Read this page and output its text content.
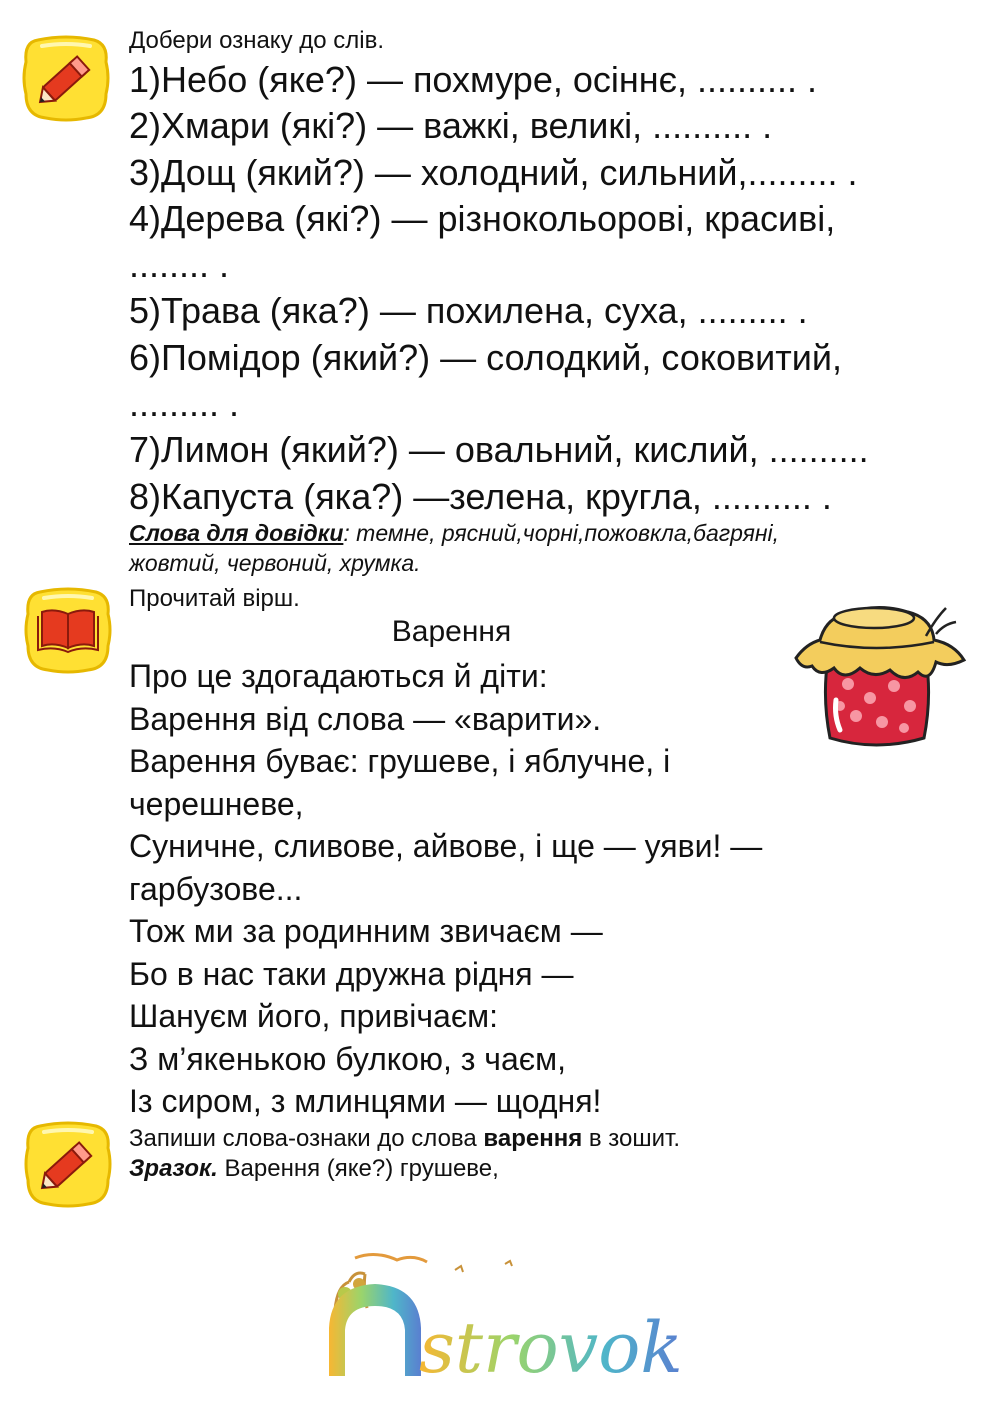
Добери ознаку до слів.
1)Небо (яке?) — похмуре, осіннє, .......... .
2)Хмари (які?) — важкі, великі, .......... .
3)Дощ (який?) — холодний, сильний,......... .
4)Дерева (які?) — різнокольорові, красиві,
........ .
5)Трава (яка?) — похилена, суха, ......... .
6)Помідор (який?) — солодкий, соковитий,
......... .
7)Лимон (який?) — овальний, кислий, ..........
8)Капуста (яка?) —зелена, кругла, .......... .
Слова для довідки: темне, рясний,чорні,пожовкла,багряні,
жовтий, червоний, хрумка.
Прочитай вірш.
Варення
Про це здогадаються й діти:
Варення від слова — «варити».
Варення буває: грушеве, і яблучне, і
черешневе,
Суничне, сливове, айвове, і ще — уяви! —
гарбузове...
Тож ми за родинним звичаєм —
Бо в нас таки дружна рідня —
Шануєм його, привічаєм:
З м’якенькою булкою, з чаєм,
Із сиром, з млинцями — щодня!
Запиши слова-ознаки до слова варення в зошит.
Зразок. Варення (яке?) грушеве,
strovok
